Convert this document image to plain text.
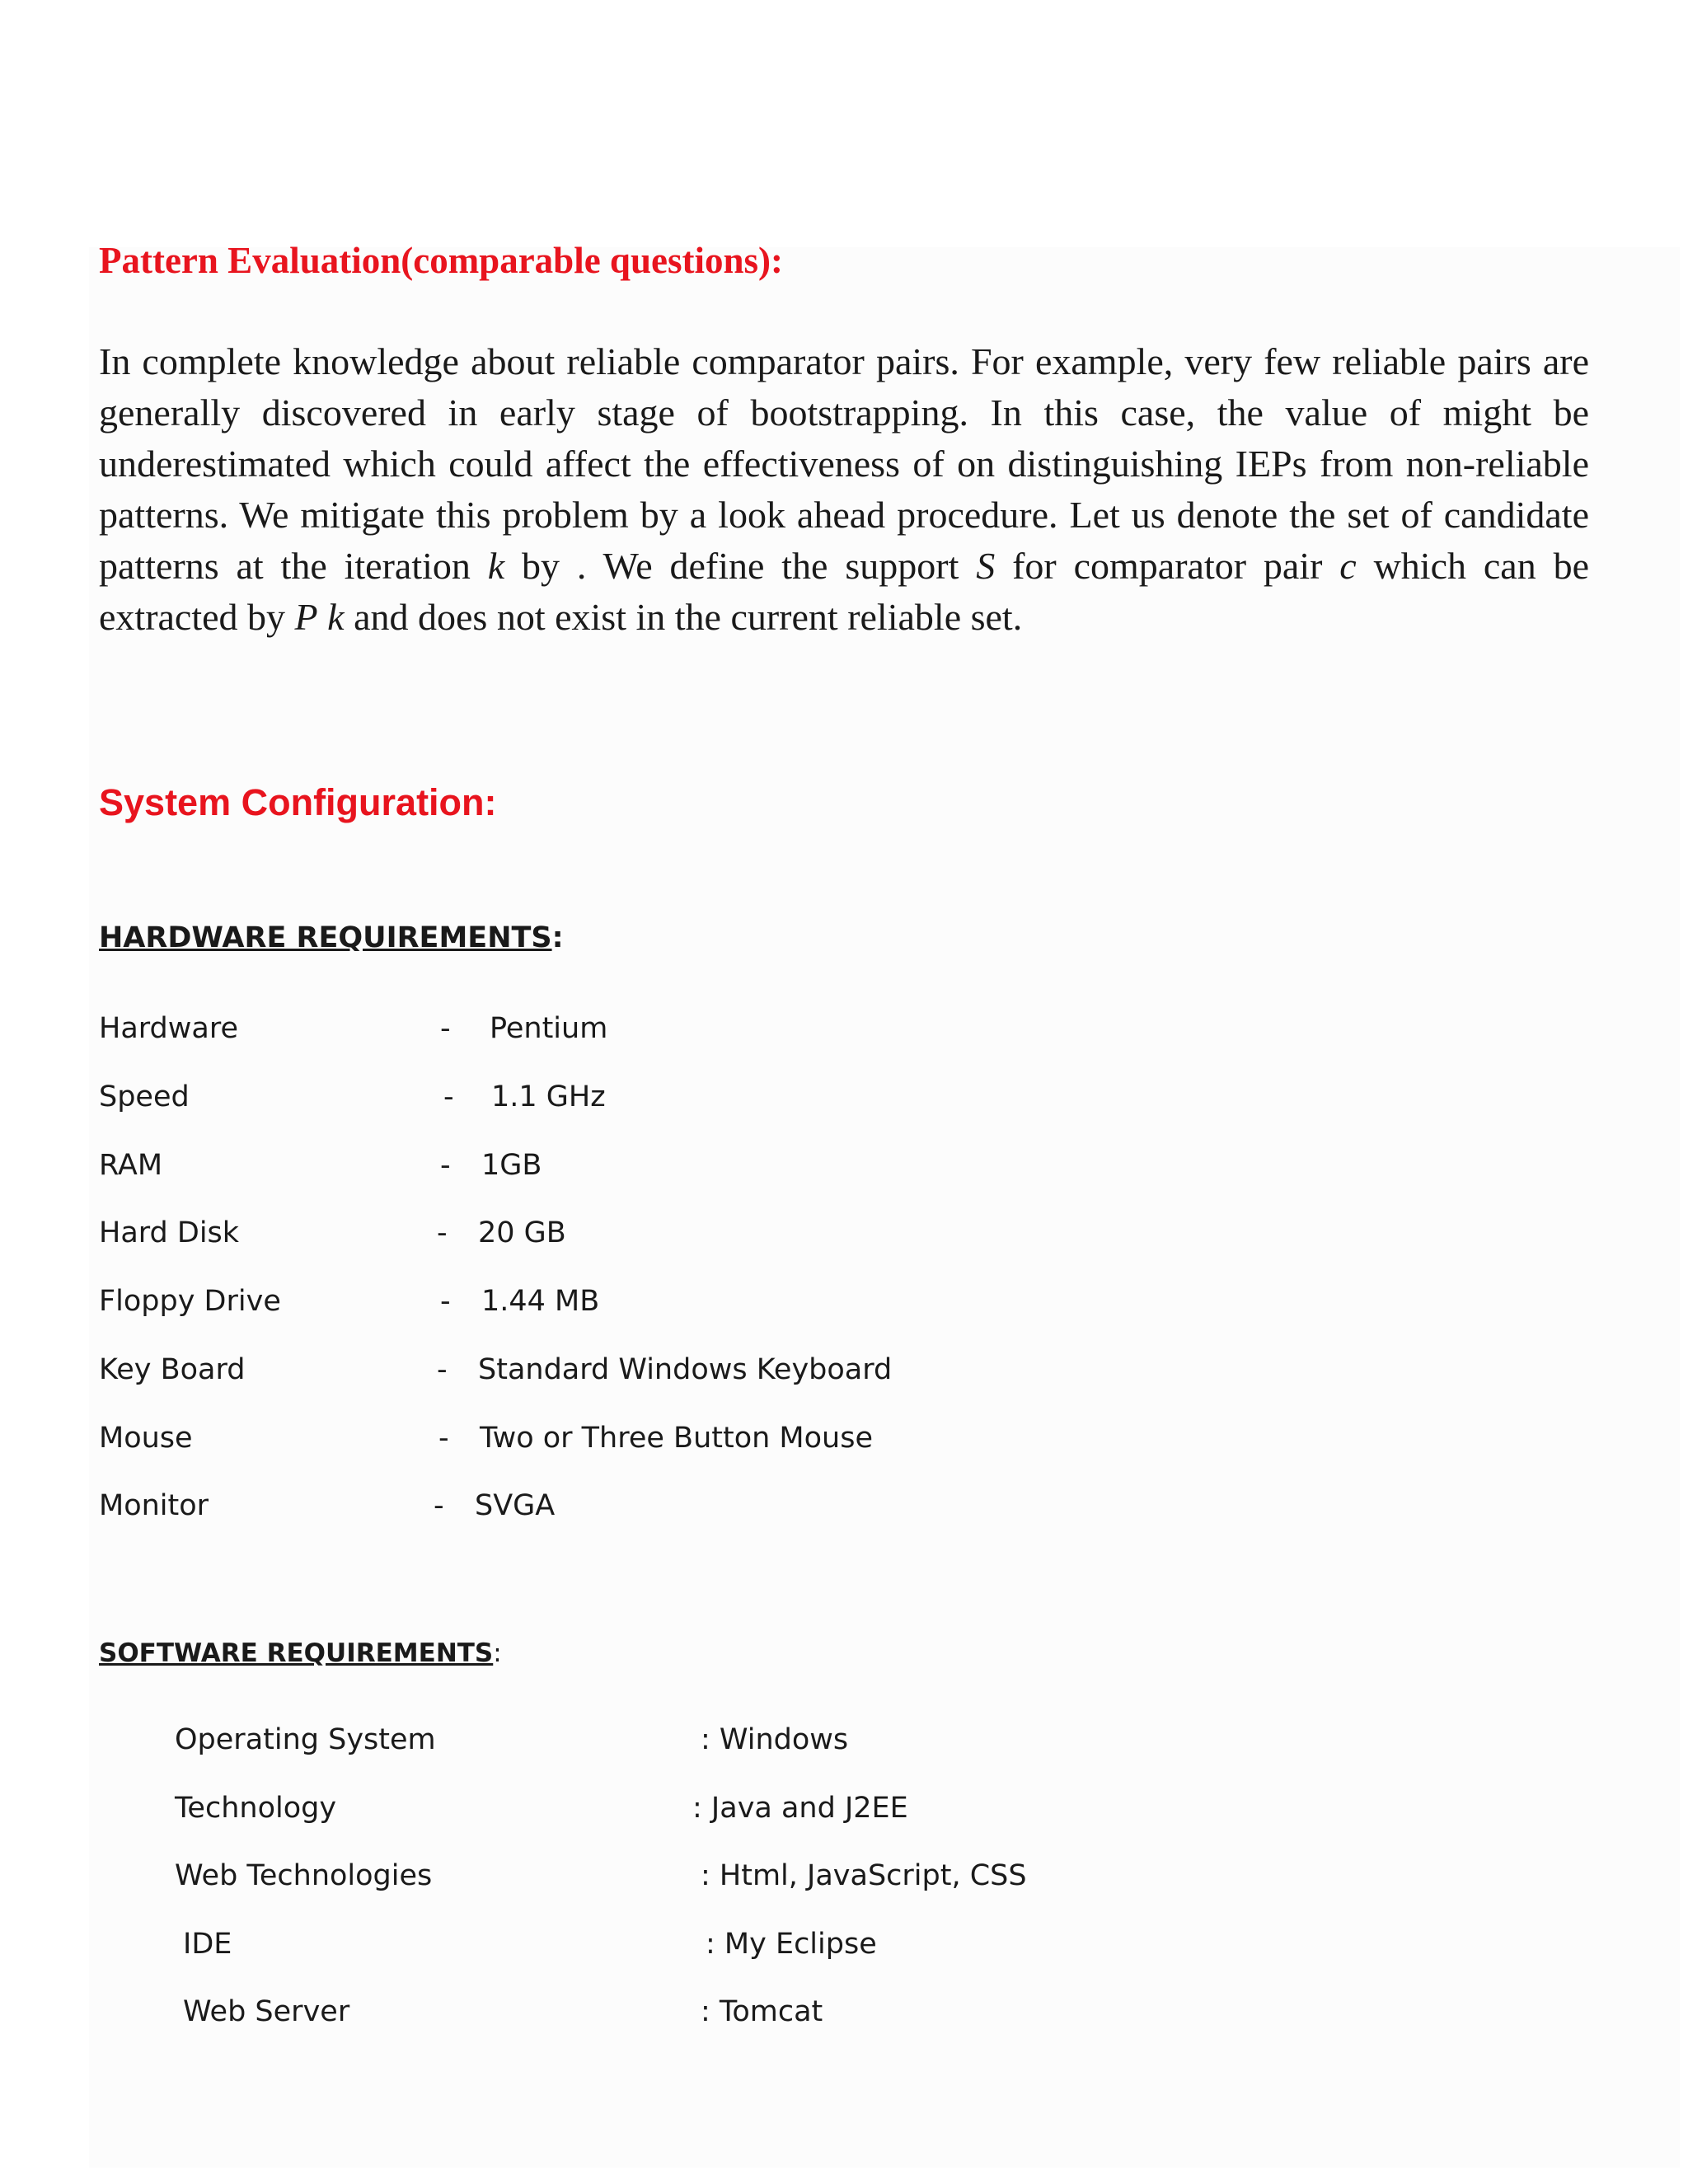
Pattern Evaluation(comparable questions):

In complete knowledge about reliable comparator pairs. For example, very few reliable pairs are generally discovered in early stage of bootstrapping. In this case, the value of might be underestimated which could affect the effectiveness of on distinguishing IEPs from non-reliable patterns. We mitigate this problem by a look ahead procedure. Let us denote the set of candidate patterns at the iteration k by . We define the support S for comparator pair c which can be extracted by P k and does not exist in the current reliable set.

System Configuration:
HARDWARE REQUIREMENTS:
Hardware	- Pentium
Speed	- 1.1 GHz
RAM	- 1GB
Hard Disk	- 20 GB
Floppy Drive	- 1.44 MB
Key Board	- Standard Windows Keyboard
Mouse	- Two or Three Button Mouse
Monitor	- SVGA
SOFTWARE REQUIREMENTS:
Operating System	: Windows
Technology	: Java and J2EE
Web Technologies	: Html, JavaScript, CSS
IDE	: My Eclipse
Web Server	: Tomcat
